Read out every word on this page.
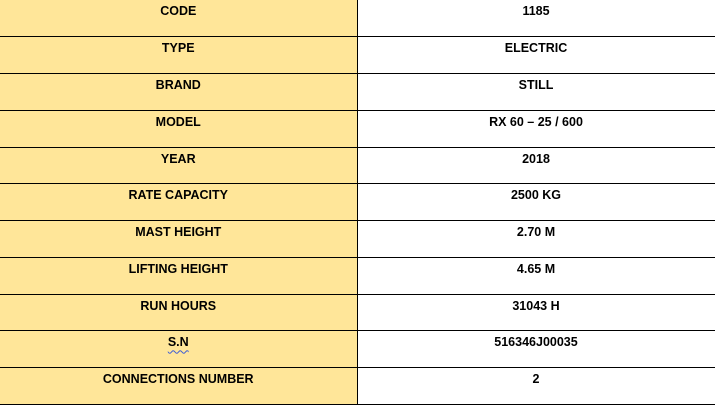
CODE	1185
TYPE	ELECTRIC
BRAND	STILL
MODEL	RX 60 – 25 / 600
YEAR	2018
RATE CAPACITY	2500 KG
MAST HEIGHT	2.70 M
LIFTING HEIGHT	4.65 M
RUN HOURS	31043 H
S.N	516346J00035
CONNECTIONS NUMBER	2
